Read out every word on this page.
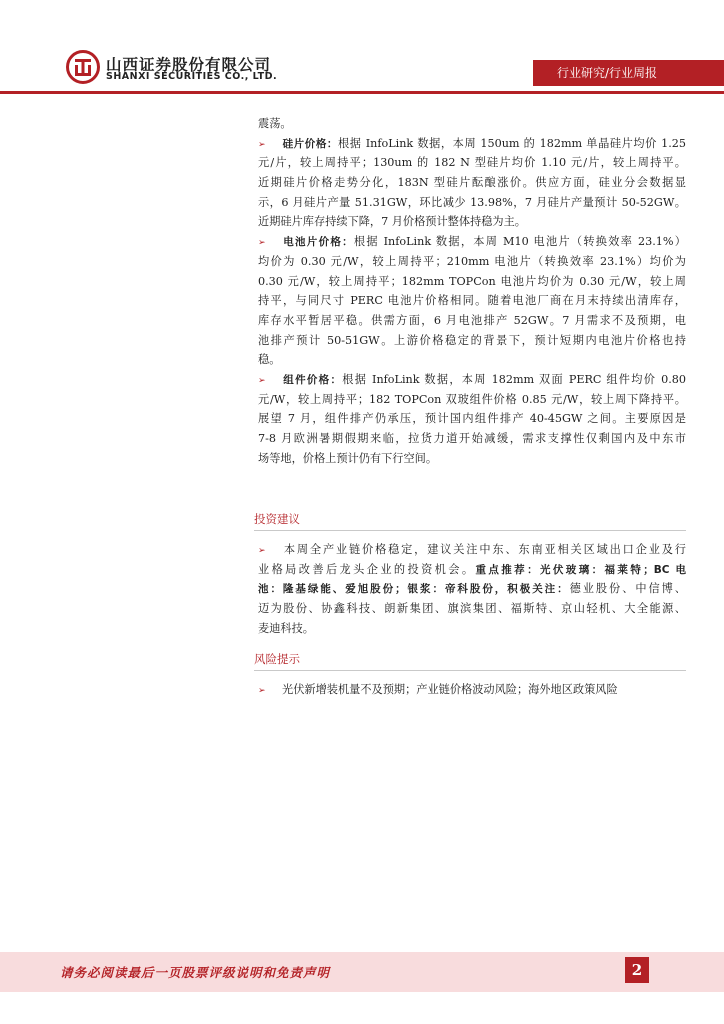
山西证券股份有限公司
SHANXI SECURITIES CO., LTD.	行业研究/行业周报
震荡。
➢ 硅片价格：根据 InfoLink 数据，本周 150um 的 182mm 单晶硅片均价 1.25
元/片，较上周持平；130um 的 182 N 型硅片均价 1.10 元/片，较上周持平。
近期硅片价格走势分化，183N 型硅片酝酿涨价。供应方面，硅业分会数据显
示，6 月硅片产量 51.31GW，环比减少 13.98%，7 月硅片产量预计 50-52GW。
近期硅片库存持续下降，7 月价格预计整体持稳为主。
➢ 电池片价格：根据 InfoLink 数据，本周 M10 电池片（转换效率 23.1%）
均价为 0.30 元/W，较上周持平；210mm 电池片（转换效率 23.1%）均价为
0.30 元/W，较上周持平；182mm TOPCon 电池片均价为 0.30 元/W，较上周
持平，与同尺寸 PERC 电池片价格相同。随着电池厂商在月末持续出清库存，
库存水平暂居平稳。供需方面，6 月电池排产 52GW。7 月需求不及预期，电
池排产预计 50-51GW。上游价格稳定的背景下，预计短期内电池片价格也持
稳。
➢ 组件价格：根据 InfoLink 数据，本周 182mm 双面 PERC 组件均价 0.80
元/W，较上周持平；182 TOPCon 双玻组件价格 0.85 元/W，较上周下降持平。
展望 7 月，组件排产仍承压，预计国内组件排产 40-45GW 之间。主要原因是
7-8 月欧洲暑期假期来临，拉货力道开始减缓，需求支撑性仅剩国内及中东市
场等地，价格上预计仍有下行空间。
投资建议
➢ 本周全产业链价格稳定，建议关注中东、东南亚相关区域出口企业及行
业格局改善后龙头企业的投资机会。重点推荐：光伏玻璃：福莱特；BC 电
池：隆基绿能、爱旭股份；银浆：帝科股份，积极关注：德业股份、中信博、
迈为股份、协鑫科技、朗新集团、旗滨集团、福斯特、京山轻机、大全能源、
麦迪科技。
风险提示
➢ 光伏新增装机量不及预期；产业链价格波动风险；海外地区政策风险
请务必阅读最后一页股票评级说明和免责声明	2
